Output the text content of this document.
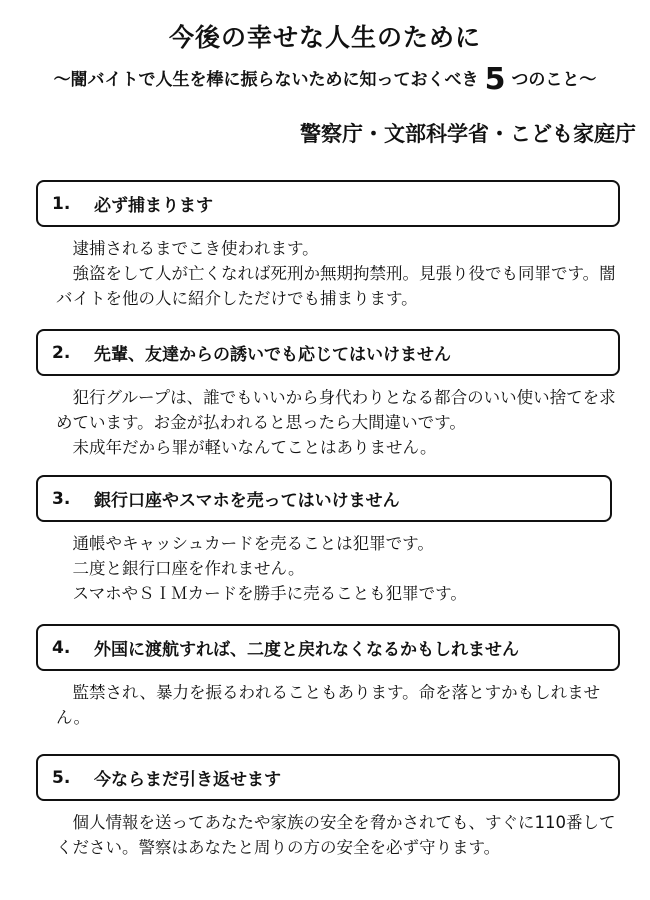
今後の幸せな人生のために
～闇バイトで人生を棒に振らないために知っておくべき 5 つのこと～
警察庁・文部科学省・こども家庭庁
1.	必ず捕まります

逮捕されるまでこき使われます。

強盗をして人が亡くなれば死刑か無期拘禁刑。見張り役でも同罪です。闇バイトを他の人に紹介しただけでも捕まります。

2.	先輩、友達からの誘いでも応じてはいけません

犯行グループは、誰でもいいから身代わりとなる都合のいい使い捨てを求めています。お金が払われると思ったら大間違いです。

未成年だから罪が軽いなんてことはありません。

3.	銀行口座やスマホを売ってはいけません

通帳やキャッシュカードを売ることは犯罪です。

二度と銀行口座を作れません。

スマホやＳＩＭカードを勝手に売ることも犯罪です。

4.	外国に渡航すれば、二度と戻れなくなるかもしれません

監禁され、暴力を振るわれることもあります。命を落とすかもしれません。

5.	今ならまだ引き返せます

個人情報を送ってあなたや家族の安全を脅かされても、すぐに110番してください。警察はあなたと周りの方の安全を必ず守ります。
